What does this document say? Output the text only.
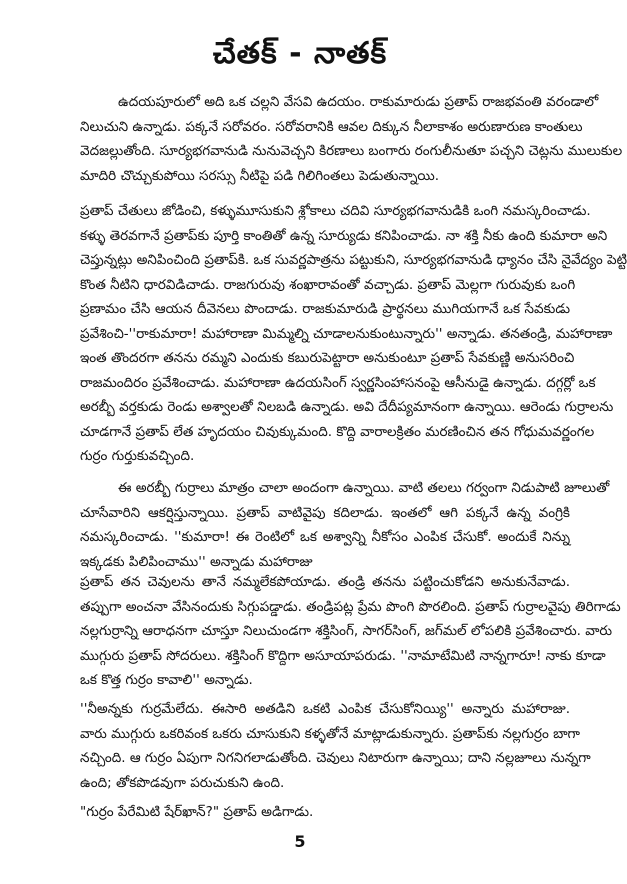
చేతక్ - నాతక్
ఉదయపూరులో అది ఒక చల్లని వేసవి ఉదయం. రాకుమారుడు ప్రతాప్ రాజభవంతి వరండాలో
నిలుచుని ఉన్నాడు. పక్కనే సరోవరం. సరోవరానికి ఆవల దిక్కున నీలాకాశం అరుణారుణ కాంతులు
వెదజల్లుతోంది. సూర్యభగవానుడి నునువెచ్చని కిరణాలు బంగారు రంగులీనుతూ పచ్చని చెట్లను ములుకుల
మాదిరి చొచ్చుకుపోయి సరస్సు నీటిపై పడి గిలిగింతలు పెడుతున్నాయి.
ప్రతాప్ చేతులు జోడించి, కళ్ళుమూసుకుని శ్లోకాలు చదివి సూర్యభగవానుడికి ఒంగి నమస్కరించాడు.
కళ్ళు తెరవగానే ప్రతాప్‌కు పూర్తి కాంతితో ఉన్న సూర్యుడు కనిపించాడు. నా శక్తి నీకు ఉంది కుమారా అని
చెప్తున్నట్లు అనిపించింది ప్రతాప్‌కి. ఒక సువర్ణపాత్రను పట్టుకుని, సూర్యభగవానుడి ధ్యానం చేసి నైవేద్యం పెట్టి
కొంత నీటిని ధారవిడిచాడు. రాజగురువు శంఖారావంతో వచ్చాడు. ప్రతాప్ మెల్లగా గురువుకు ఒంగి
ప్రణామం చేసి ఆయన దీవెనలు పొందాడు. రాజకుమారుడి ప్రార్థనలు ముగియగానే ఒక సేవకుడు
ప్రవేశించి-''రాకుమారా! మహారాణా మిమ్మల్ని చూడాలనుకుంటున్నారు'' అన్నాడు. తనతండ్రి, మహారాణా
ఇంత తొందరగా తనను రమ్మని ఎందుకు కబురుపెట్టారా అనుకుంటూ ప్రతాప్ సేవకుణ్ణి అనుసరించి
రాజమందిరం ప్రవేశించాడు. మహారాణా ఉదయసింగ్ స్వర్ణసింహాసనంపై ఆసీనుడై ఉన్నాడు. దగ్గర్లో ఒక
అరబ్బీ వర్తకుడు రెండు అశ్వాలతో నిలబడి ఉన్నాడు. అవి దేదీప్యమానంగా ఉన్నాయి. ఆరెండు గుర్రాలను
చూడగానే ప్రతాప్ లేత హృదయం చివుక్కుమంది. కొద్ది వారాలక్రితం మరణించిన తన గోధుమవర్ణంగల
గుర్రం గుర్తుకువచ్చింది.
ఈ అరబ్బీ గుర్రాలు మాత్రం చాలా అందంగా ఉన్నాయి. వాటి తలలు గర్వంగా నిడుపాటి జూలుతో
చూసేవారిని ఆకర్షిస్తున్నాయి. ప్రతాప్ వాటివైపు కదిలాడు. ఇంతలో ఆగి పక్కనే ఉన్న వంగ్రికి
నమస్కరించాడు. ''కుమారా! ఈ రెంటిలో ఒక అశ్వాన్ని నీకోసం ఎంపిక చేసుకో. అందుకే నిన్ను
ఇక్కడకు పిలిపించాము'' అన్నాడు మహారాజు
ప్రతాప్ తన చెవులను తానే నమ్మలేకపోయాడు. తండ్రి తనను పట్టించుకోడని అనుకునేవాడు.
తప్పుగా అంచనా వేసినందుకు సిగ్గుపడ్డాడు. తండ్రిపట్ల ప్రేమ పొంగి పొరలింది. ప్రతాప్ గుర్రాలవైపు తిరిగాడు
నల్లగుర్రాన్ని ఆరాధనగా చూస్తూ నిలుచుండగా శక్తిసింగ్, సాగర్‌సింగ్, జగ్‌మల్ లోపలికి ప్రవేశించారు. వారు
ముగ్గురు ప్రతాప్ సోదరులు. శక్తిసింగ్ కొద్దిగా అసూయాపరుడు. ''నామాటేమిటి నాన్నగారూ! నాకు కూడా
ఒక కొత్త గుర్రం కావాలి'' అన్నాడు.
''నీఅన్నకు గుర్రమేలేదు. ఈసారి అతడిని ఒకటి ఎంపిక చేసుకోనియ్యి'' అన్నారు మహారాజు.
వారు ముగ్గురు ఒకరివంక ఒకరు చూసుకుని కళ్ళతోనే మాట్లాడుకున్నారు. ప్రతాప్‌కు నల్లగుర్రం బాగా
నచ్చింది. ఆ గుర్రం ఏపుగా నిగనిగలాడుతోంది. చెవులు నిటారుగా ఉన్నాయి; దాని నల్లజూలు నున్నగా
ఉంది; తోకపొడవుగా పరుచుకుని ఉంది.
"గుర్రం పేరేమిటి షేర్‌ఖాన్?" ప్రతాప్ అడిగాడు.
5
